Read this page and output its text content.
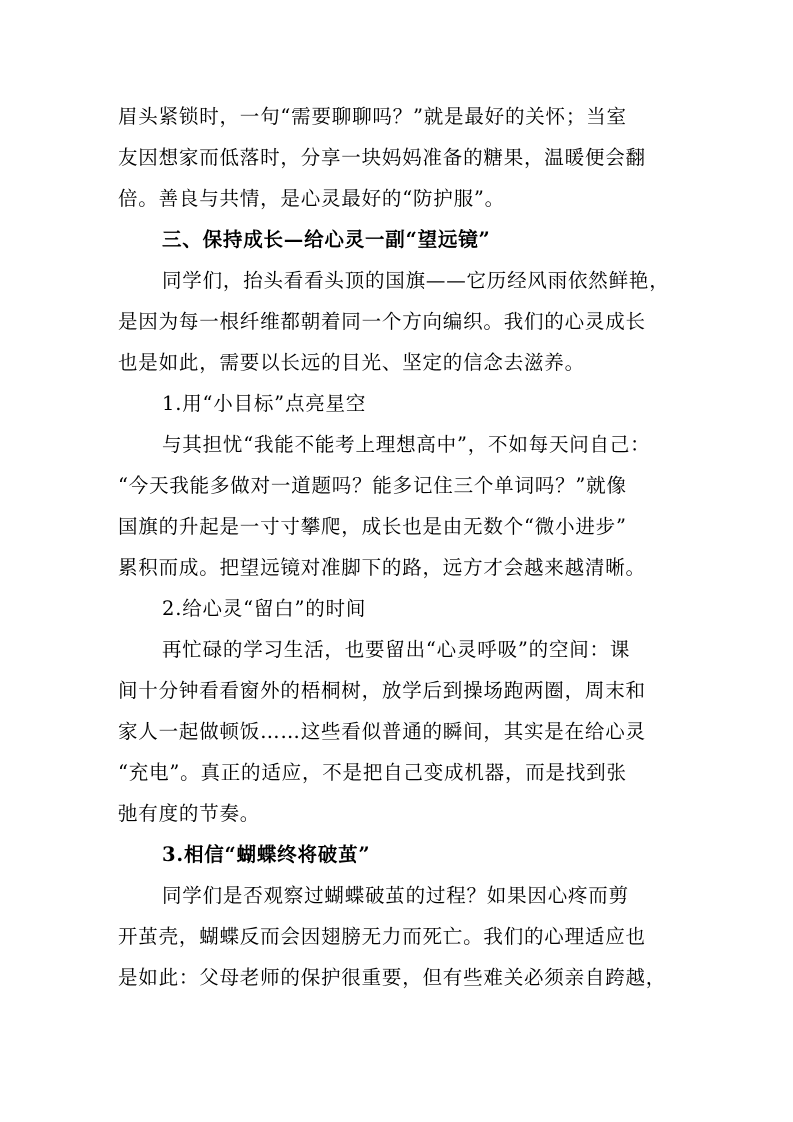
眉头紧锁时，一句“需要聊聊吗？”就是最好的关怀；当室
友因想家而低落时，分享一块妈妈准备的糖果，温暖便会翻
倍。善良与共情，是心灵最好的“防护服”。
三、保持成长—给心灵一副“望远镜”
同学们，抬头看看头顶的国旗——它历经风雨依然鲜艳，
是因为每一根纤维都朝着同一个方向编织。我们的心灵成长
也是如此，需要以长远的目光、坚定的信念去滋养。
1.用“小目标”点亮星空
与其担忧“我能不能考上理想高中”，不如每天问自己：
“今天我能多做对一道题吗？能多记住三个单词吗？”就像
国旗的升起是一寸寸攀爬，成长也是由无数个“微小进步”
累积而成。把望远镜对准脚下的路，远方才会越来越清晰。
2.给心灵“留白”的时间
再忙碌的学习生活，也要留出“心灵呼吸”的空间：课
间十分钟看看窗外的梧桐树，放学后到操场跑两圈，周末和
家人一起做顿饭……这些看似普通的瞬间，其实是在给心灵
“充电”。真正的适应，不是把自己变成机器，而是找到张
弛有度的节奏。
3.相信“蝴蝶终将破茧”
同学们是否观察过蝴蝶破茧的过程？如果因心疼而剪
开茧壳，蝴蝶反而会因翅膀无力而死亡。我们的心理适应也
是如此：父母老师的保护很重要，但有些难关必须亲自跨越，
